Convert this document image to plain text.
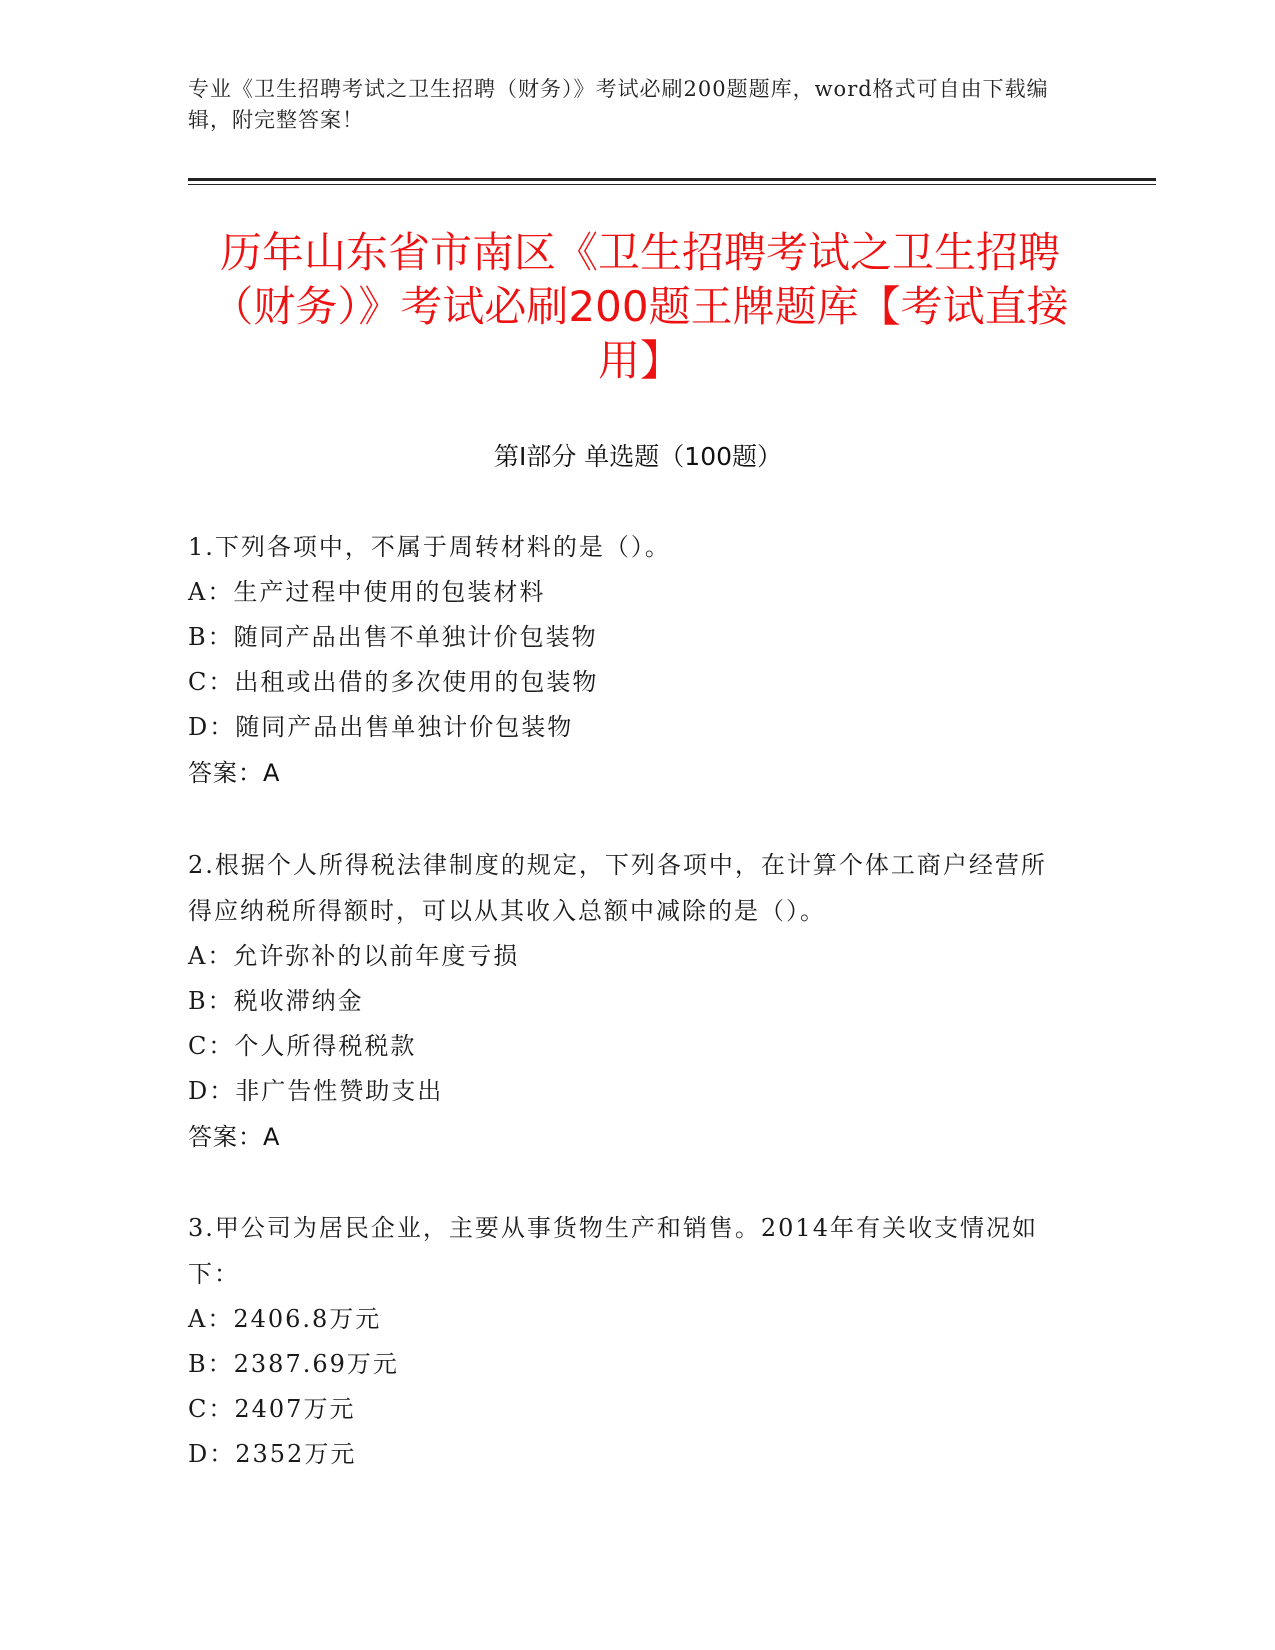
专业《卫生招聘考试之卫生招聘（财务）》考试必刷200题题库，word格式可自由下载编辑，附完整答案！
历年山东省市南区《卫生招聘考试之卫生招聘（财务）》考试必刷200题王牌题库【考试直接用】
第I部分 单选题（100题）

1.下列各项中，不属于周转材料的是（）。

A：生产过程中使用的包装材料

B：随同产品出售不单独计价包装物

C：出租或出借的多次使用的包装物

D：随同产品出售单独计价包装物

答案：A

2.根据个人所得税法律制度的规定，下列各项中，在计算个体工商户经营所得应纳税所得额时，可以从其收入总额中减除的是（）。

A：允许弥补的以前年度亏损

B：税收滞纳金

C：个人所得税税款

D：非广告性赞助支出

答案：A

3.甲公司为居民企业，主要从事货物生产和销售。2014年有关收支情况如下：

A：2406.8万元

B：2387.69万元

C：2407万元

D：2352万元
